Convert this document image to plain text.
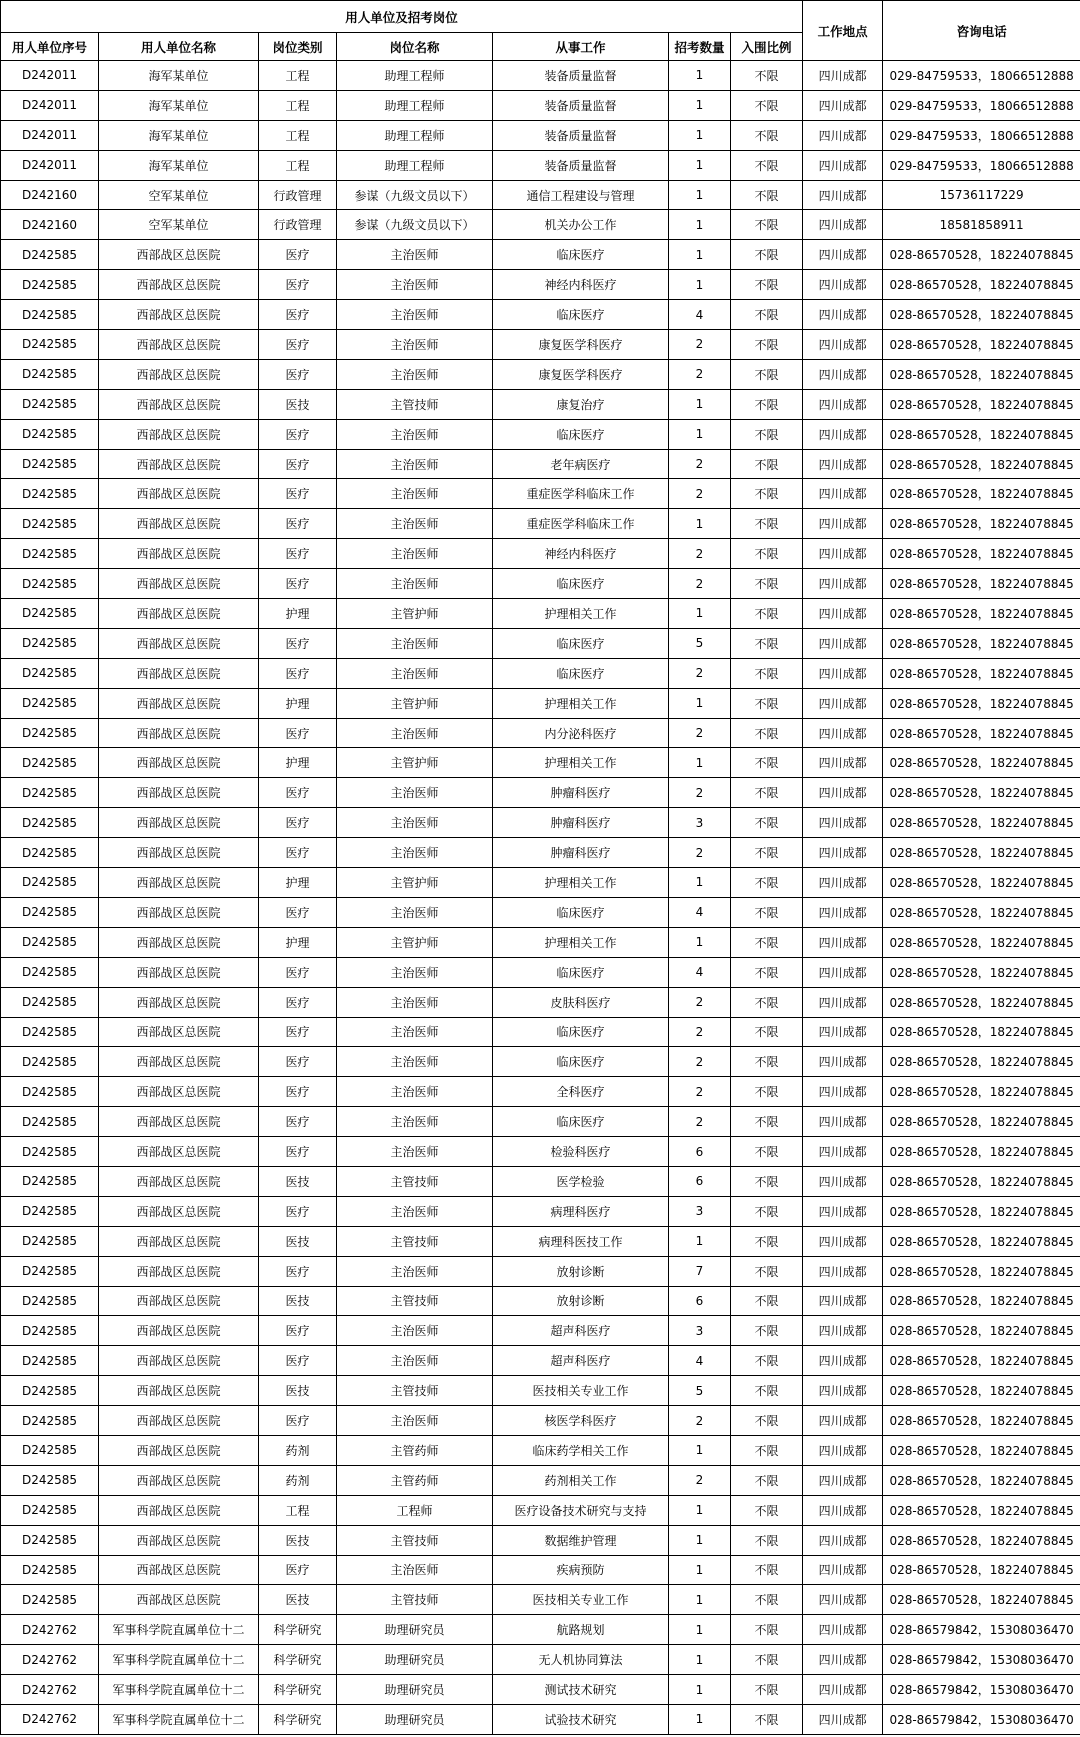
用人单位及招考岗位							工作地点	咨询电话
用人单位序号	用人单位名称	岗位类别	岗位名称	从事工作	招考数量	入围比例		
D242011	海军某单位	工程	助理工程师	装备质量监督	1	不限	四川成都	029-84759533，18066512888
D242011	海军某单位	工程	助理工程师	装备质量监督	1	不限	四川成都	029-84759533，18066512888
D242011	海军某单位	工程	助理工程师	装备质量监督	1	不限	四川成都	029-84759533，18066512888
D242011	海军某单位	工程	助理工程师	装备质量监督	1	不限	四川成都	029-84759533，18066512888
D242160	空军某单位	行政管理	参谋（九级文员以下）	通信工程建设与管理	1	不限	四川成都	15736117229
D242160	空军某单位	行政管理	参谋（九级文员以下）	机关办公工作	1	不限	四川成都	18581858911
D242585	西部战区总医院	医疗	主治医师	临床医疗	1	不限	四川成都	028-86570528，18224078845
D242585	西部战区总医院	医疗	主治医师	神经内科医疗	1	不限	四川成都	028-86570528，18224078845
D242585	西部战区总医院	医疗	主治医师	临床医疗	4	不限	四川成都	028-86570528，18224078845
D242585	西部战区总医院	医疗	主治医师	康复医学科医疗	2	不限	四川成都	028-86570528，18224078845
D242585	西部战区总医院	医疗	主治医师	康复医学科医疗	2	不限	四川成都	028-86570528，18224078845
D242585	西部战区总医院	医技	主管技师	康复治疗	1	不限	四川成都	028-86570528，18224078845
D242585	西部战区总医院	医疗	主治医师	临床医疗	1	不限	四川成都	028-86570528，18224078845
D242585	西部战区总医院	医疗	主治医师	老年病医疗	2	不限	四川成都	028-86570528，18224078845
D242585	西部战区总医院	医疗	主治医师	重症医学科临床工作	2	不限	四川成都	028-86570528，18224078845
D242585	西部战区总医院	医疗	主治医师	重症医学科临床工作	1	不限	四川成都	028-86570528，18224078845
D242585	西部战区总医院	医疗	主治医师	神经内科医疗	2	不限	四川成都	028-86570528，18224078845
D242585	西部战区总医院	医疗	主治医师	临床医疗	2	不限	四川成都	028-86570528，18224078845
D242585	西部战区总医院	护理	主管护师	护理相关工作	1	不限	四川成都	028-86570528，18224078845
D242585	西部战区总医院	医疗	主治医师	临床医疗	5	不限	四川成都	028-86570528，18224078845
D242585	西部战区总医院	医疗	主治医师	临床医疗	2	不限	四川成都	028-86570528，18224078845
D242585	西部战区总医院	护理	主管护师	护理相关工作	1	不限	四川成都	028-86570528，18224078845
D242585	西部战区总医院	医疗	主治医师	内分泌科医疗	2	不限	四川成都	028-86570528，18224078845
D242585	西部战区总医院	护理	主管护师	护理相关工作	1	不限	四川成都	028-86570528，18224078845
D242585	西部战区总医院	医疗	主治医师	肿瘤科医疗	2	不限	四川成都	028-86570528，18224078845
D242585	西部战区总医院	医疗	主治医师	肿瘤科医疗	3	不限	四川成都	028-86570528，18224078845
D242585	西部战区总医院	医疗	主治医师	肿瘤科医疗	2	不限	四川成都	028-86570528，18224078845
D242585	西部战区总医院	护理	主管护师	护理相关工作	1	不限	四川成都	028-86570528，18224078845
D242585	西部战区总医院	医疗	主治医师	临床医疗	4	不限	四川成都	028-86570528，18224078845
D242585	西部战区总医院	护理	主管护师	护理相关工作	1	不限	四川成都	028-86570528，18224078845
D242585	西部战区总医院	医疗	主治医师	临床医疗	4	不限	四川成都	028-86570528，18224078845
D242585	西部战区总医院	医疗	主治医师	皮肤科医疗	2	不限	四川成都	028-86570528，18224078845
D242585	西部战区总医院	医疗	主治医师	临床医疗	2	不限	四川成都	028-86570528，18224078845
D242585	西部战区总医院	医疗	主治医师	临床医疗	2	不限	四川成都	028-86570528，18224078845
D242585	西部战区总医院	医疗	主治医师	全科医疗	2	不限	四川成都	028-86570528，18224078845
D242585	西部战区总医院	医疗	主治医师	临床医疗	2	不限	四川成都	028-86570528，18224078845
D242585	西部战区总医院	医疗	主治医师	检验科医疗	6	不限	四川成都	028-86570528，18224078845
D242585	西部战区总医院	医技	主管技师	医学检验	6	不限	四川成都	028-86570528，18224078845
D242585	西部战区总医院	医疗	主治医师	病理科医疗	3	不限	四川成都	028-86570528，18224078845
D242585	西部战区总医院	医技	主管技师	病理科医技工作	1	不限	四川成都	028-86570528，18224078845
D242585	西部战区总医院	医疗	主治医师	放射诊断	7	不限	四川成都	028-86570528，18224078845
D242585	西部战区总医院	医技	主管技师	放射诊断	6	不限	四川成都	028-86570528，18224078845
D242585	西部战区总医院	医疗	主治医师	超声科医疗	3	不限	四川成都	028-86570528，18224078845
D242585	西部战区总医院	医疗	主治医师	超声科医疗	4	不限	四川成都	028-86570528，18224078845
D242585	西部战区总医院	医技	主管技师	医技相关专业工作	5	不限	四川成都	028-86570528，18224078845
D242585	西部战区总医院	医疗	主治医师	核医学科医疗	2	不限	四川成都	028-86570528，18224078845
D242585	西部战区总医院	药剂	主管药师	临床药学相关工作	1	不限	四川成都	028-86570528，18224078845
D242585	西部战区总医院	药剂	主管药师	药剂相关工作	2	不限	四川成都	028-86570528，18224078845
D242585	西部战区总医院	工程	工程师	医疗设备技术研究与支持	1	不限	四川成都	028-86570528，18224078845
D242585	西部战区总医院	医技	主管技师	数据维护管理	1	不限	四川成都	028-86570528，18224078845
D242585	西部战区总医院	医疗	主治医师	疾病预防	1	不限	四川成都	028-86570528，18224078845
D242585	西部战区总医院	医技	主管技师	医技相关专业工作	1	不限	四川成都	028-86570528，18224078845
D242762	军事科学院直属单位十二	科学研究	助理研究员	航路规划	1	不限	四川成都	028-86579842，15308036470
D242762	军事科学院直属单位十二	科学研究	助理研究员	无人机协同算法	1	不限	四川成都	028-86579842，15308036470
D242762	军事科学院直属单位十二	科学研究	助理研究员	测试技术研究	1	不限	四川成都	028-86579842，15308036470
D242762	军事科学院直属单位十二	科学研究	助理研究员	试验技术研究	1	不限	四川成都	028-86579842，15308036470
